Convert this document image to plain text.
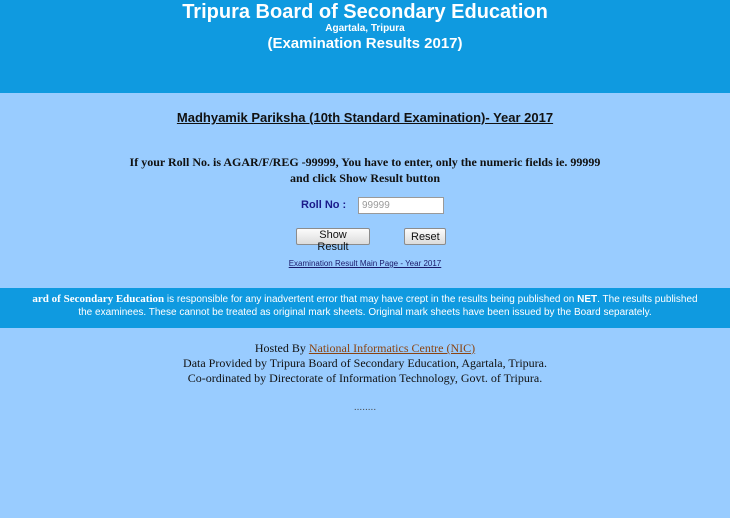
Tripura Board of Secondary Education
Agartala, Tripura
(Examination Results 2017)
Madhyamik Pariksha (10th Standard Examination)- Year 2017
If your Roll No. is AGAR/F/REG -99999, You have to enter, only the numeric fields ie. 99999
and click Show Result button
Roll No :
99999
Show Result
Reset
Examination Result Main Page - Year 2017
ard of Secondary Education is responsible for any inadvertent error that may have crept in the results being published on NET. The results published
the examinees. These cannot be treated as original mark sheets. Original mark sheets have been issued by the Board separately.
Hosted By National Informatics Centre (NIC)
Data Provided by Tripura Board of Secondary Education, Agartala, Tripura.
Co-ordinated by Directorate of Information Technology, Govt. of Tripura.
........
